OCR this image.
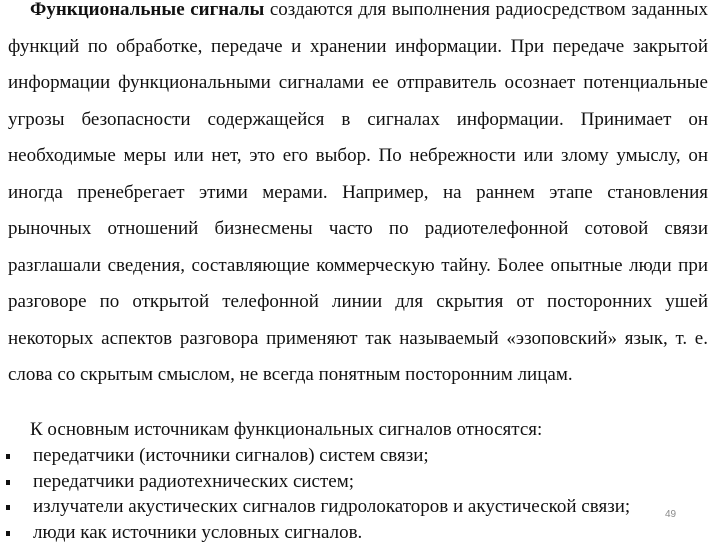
Функциональные сигналы создаются для выполнения радиосредством заданных функций по обработке, передаче и хранении информации. При передаче закрытой информации функциональными сигналами ее отправитель осознает потенциальные угрозы безопасности содержащейся в сигналах информации. Принимает он необходимые меры или нет, это его выбор. По небрежности или злому умыслу, он иногда пренебрегает этими мерами. Например, на раннем этапе становления рыночных отношений бизнесмены часто по радиотелефонной сотовой связи разглашали сведения, составляющие коммерческую тайну. Более опытные люди при разговоре по открытой телефонной линии для скрытия от посторонних ушей некоторых аспектов разговора применяют так называемый «эзоповский» язык, т. е. слова со скрытым смыслом, не всегда понятным посторонним лицам.

К основным источникам функциональных сигналов относятся:

передатчики (источники сигналов) систем связи;
передатчики радиотехнических систем;
излучатели акустических сигналов гидролокаторов и акустической связи;
люди как источники условных сигналов.
49
